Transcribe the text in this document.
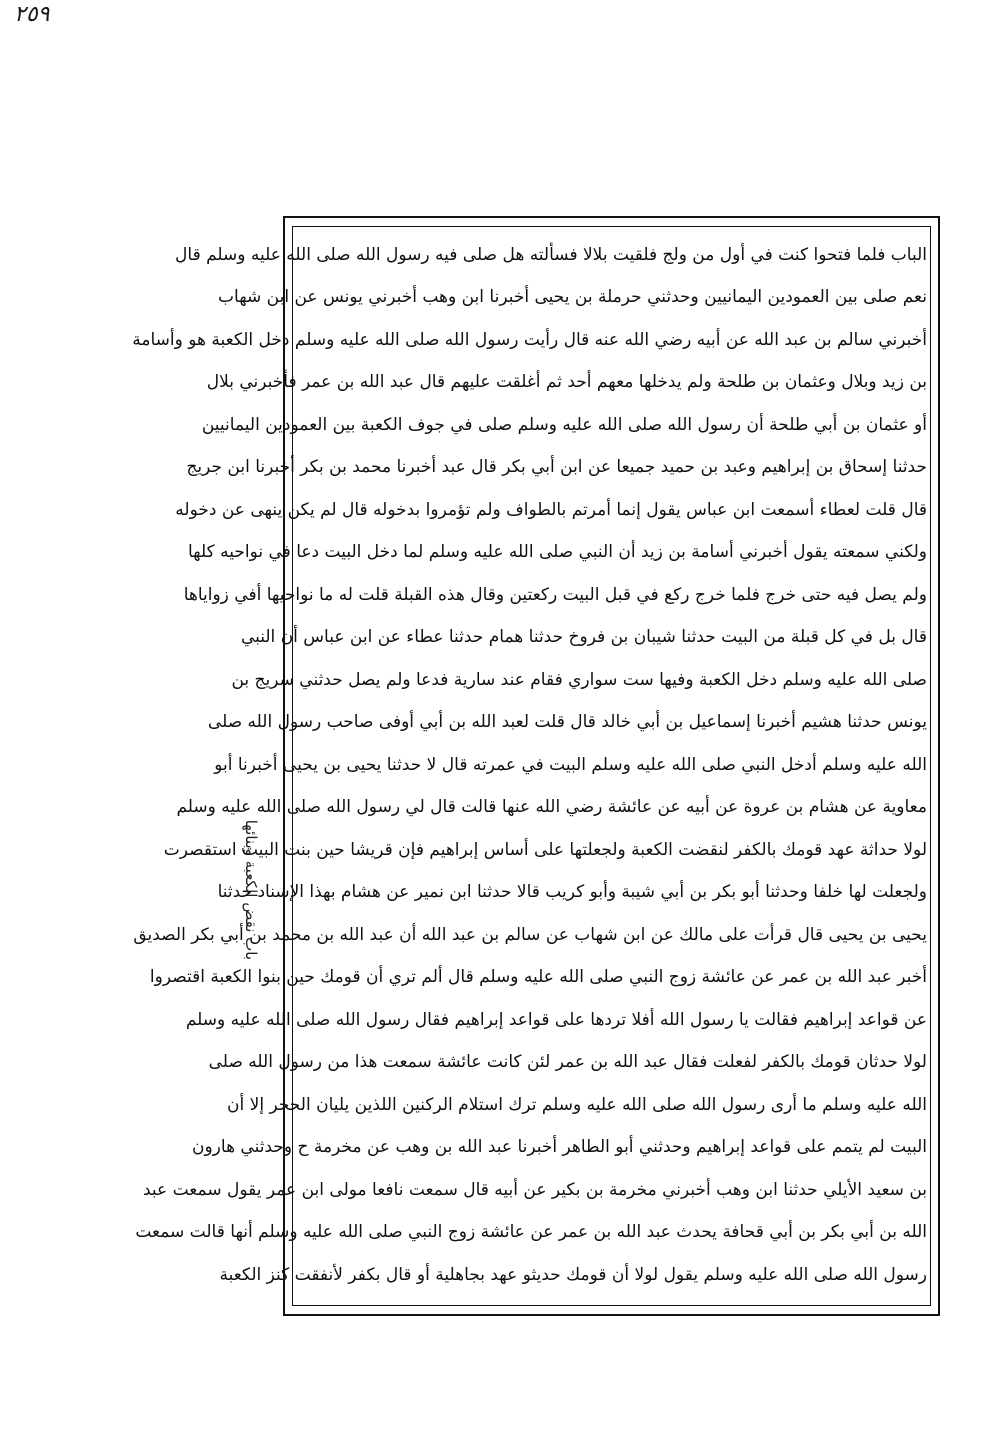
٢٥٩
باب نقض الكعبة وبنائها
الباب فلما فتحوا كنت في أول من ولج فلقيت بلالا فسألته هل صلى فيه رسول الله صلى الله عليه وسلم قال
نعم صلى بين العمودين اليمانيين وحدثني حرملة بن يحيى أخبرنا ابن وهب أخبرني يونس عن ابن شهاب
أخبرني سالم بن عبد الله عن أبيه رضي الله عنه قال رأيت رسول الله صلى الله عليه وسلم دخل الكعبة هو وأسامة
بن زيد وبلال وعثمان بن طلحة ولم يدخلها معهم أحد ثم أغلقت عليهم قال عبد الله بن عمر فأخبرني بلال
أو عثمان بن أبي طلحة أن رسول الله صلى الله عليه وسلم صلى في جوف الكعبة بين العمودين اليمانيين
حدثنا إسحاق بن إبراهيم وعبد بن حميد جميعا عن ابن أبي بكر قال عبد أخبرنا محمد بن بكر أخبرنا ابن جريج
قال قلت لعطاء أسمعت ابن عباس يقول إنما أمرتم بالطواف ولم تؤمروا بدخوله قال لم يكن ينهى عن دخوله
ولكني سمعته يقول أخبرني أسامة بن زيد أن النبي صلى الله عليه وسلم لما دخل البيت دعا في نواحيه كلها
ولم يصل فيه حتى خرج فلما خرج ركع في قبل البيت ركعتين وقال هذه القبلة قلت له ما نواحيها أفي زواياها
قال بل في كل قبلة من البيت حدثنا شيبان بن فروخ حدثنا همام حدثنا عطاء عن ابن عباس أن النبي
صلى الله عليه وسلم دخل الكعبة وفيها ست سواري فقام عند سارية فدعا ولم يصل حدثني سريج بن
يونس حدثنا هشيم أخبرنا إسماعيل بن أبي خالد قال قلت لعبد الله بن أبي أوفى صاحب رسول الله صلى
الله عليه وسلم أدخل النبي صلى الله عليه وسلم البيت في عمرته قال لا حدثنا يحيى بن يحيى أخبرنا أبو
معاوية عن هشام بن عروة عن أبيه عن عائشة رضي الله عنها قالت قال لي رسول الله صلى الله عليه وسلم
لولا حداثة عهد قومك بالكفر لنقضت الكعبة ولجعلتها على أساس إبراهيم فإن قريشا حين بنت البيت استقصرت
ولجعلت لها خلفا وحدثنا أبو بكر بن أبي شيبة وأبو كريب قالا حدثنا ابن نمير عن هشام بهذا الإسناد حدثنا
يحيى بن يحيى قال قرأت على مالك عن ابن شهاب عن سالم بن عبد الله أن عبد الله بن محمد بن أبي بكر الصديق
أخبر عبد الله بن عمر عن عائشة زوج النبي صلى الله عليه وسلم قال ألم تري أن قومك حين بنوا الكعبة اقتصروا
عن قواعد إبراهيم فقالت يا رسول الله أفلا تردها على قواعد إبراهيم فقال رسول الله صلى الله عليه وسلم
لولا حدثان قومك بالكفر لفعلت فقال عبد الله بن عمر لئن كانت عائشة سمعت هذا من رسول الله صلى
الله عليه وسلم ما أرى رسول الله صلى الله عليه وسلم ترك استلام الركنين اللذين يليان الحجر إلا أن
البيت لم يتمم على قواعد إبراهيم وحدثني أبو الطاهر أخبرنا عبد الله بن وهب عن مخرمة ح وحدثني هارون
بن سعيد الأيلي حدثنا ابن وهب أخبرني مخرمة بن بكير عن أبيه قال سمعت نافعا مولى ابن عمر يقول سمعت عبد
الله بن أبي بكر بن أبي قحافة يحدث عبد الله بن عمر عن عائشة زوج النبي صلى الله عليه وسلم أنها قالت سمعت
رسول الله صلى الله عليه وسلم يقول لولا أن قومك حديثو عهد بجاهلية أو قال بكفر لأنفقت كنز الكعبة
